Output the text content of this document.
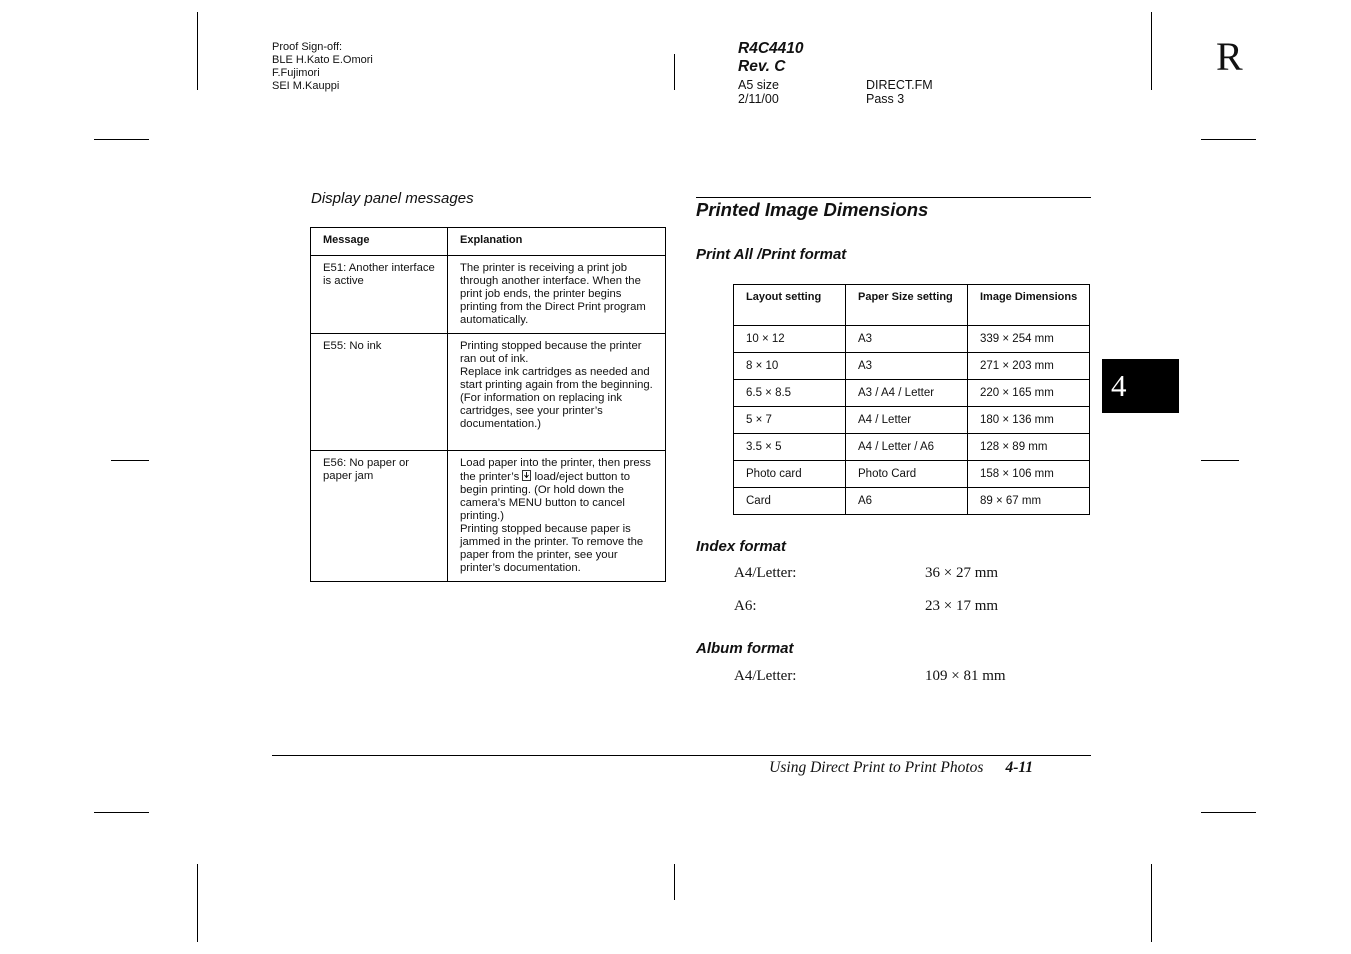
Proof Sign-off:
BLE H.Kato E.Omori
F.Fujimori
SEI M.Kauppi
R4C4410
Rev. C
A5 size	DIRECT.FM
2/11/00	Pass 3
R
4
Display panel messages
Message	Explanation
E51: Another interface is active	The printer is receiving a print job through another interface. When the print job ends, the printer begins printing from the Direct Print program automatically.

E55: No ink	Printing stopped because the printer ran out of ink.

Replace ink cartridges as needed and start printing again from the beginning.

(For information on replacing ink cartridges, see your printer’s documentation.)

E56: No paper or paper jam	Load paper into the printer, then press the printer’s load/eject button to begin printing. (Or hold down the camera’s MENU button to cancel printing.)

Printing stopped because paper is jammed in the printer. To remove the paper from the printer, see your printer’s documentation.

Printed Image Dimensions
Print All /Print format
Layout setting	Paper Size setting	Image Dimensions
10 × 12	A3	339 × 254 mm
8 × 10	A3	271 × 203 mm
6.5 × 8.5	A3 / A4 / Letter	220 × 165 mm
5 × 7	A4 / Letter	180 × 136 mm
3.5 × 5	A4 / Letter / A6	128 × 89 mm
Photo card	Photo Card	158 × 106 mm
Card	A6	89 × 67 mm
Index format
A4/Letter:	36 × 27 mm
A6:	23 × 17 mm
Album format
A4/Letter:	109 × 81 mm
Using Direct Print to Print Photos 4-11
